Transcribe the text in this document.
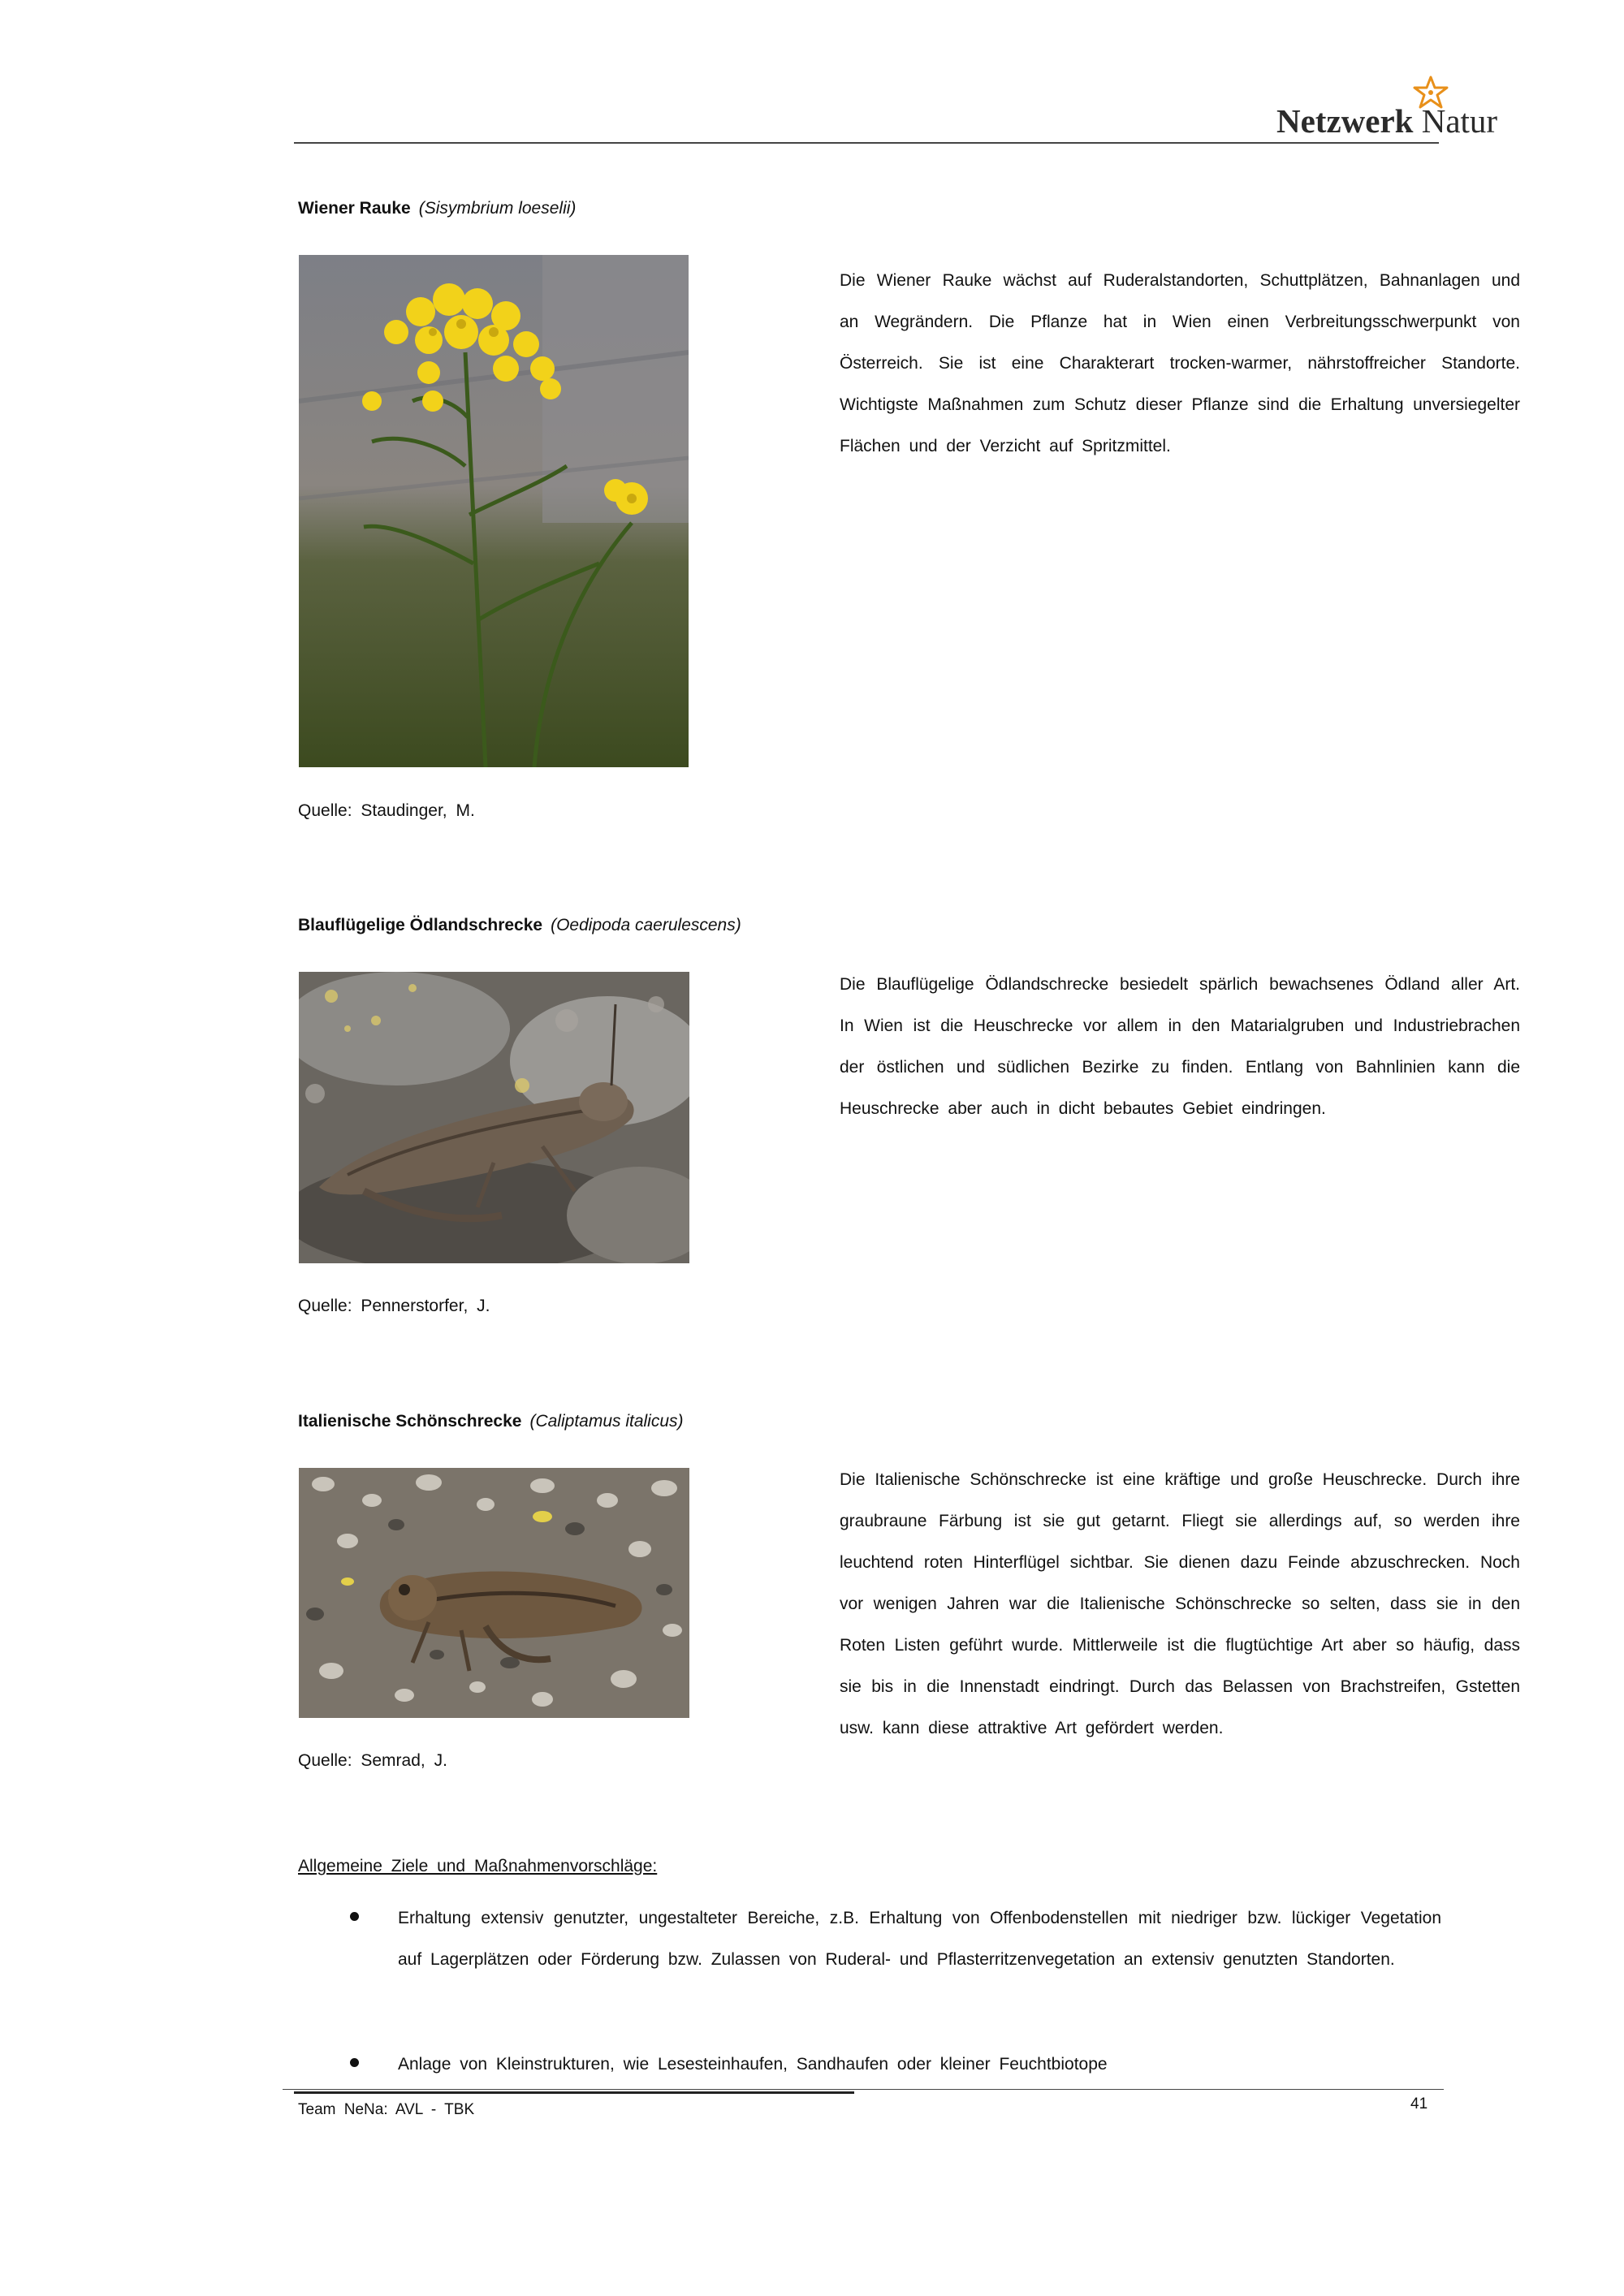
Netzwerk Natur
Wiener Rauke (Sisymbrium loeselii)
Die Wiener Rauke wächst auf Ruderalstandorten, Schuttplätzen, Bahnanlagen und an Wegrändern. Die Pflanze hat in Wien einen Verbreitungsschwerpunkt von Österreich. Sie ist eine Charakterart trocken-warmer, nährstoffreicher Standorte. Wichtigste Maßnahmen zum Schutz dieser Pflanze sind die Erhaltung unversiegelter Flächen und der Verzicht auf Spritzmittel.
Quelle: Staudinger, M.
Blauflügelige Ödlandschrecke (Oedipoda caerulescens)
Die Blauflügelige Ödlandschrecke besiedelt spärlich bewachsenes Ödland aller Art. In Wien ist die Heuschrecke vor allem in den Matarialgruben und Industriebrachen der östlichen und südlichen Bezirke zu finden. Entlang von Bahnlinien kann die Heuschrecke aber auch in dicht bebautes Gebiet eindringen.
Quelle: Pennerstorfer, J.
Italienische Schönschrecke (Caliptamus italicus)
Die Italienische Schönschrecke ist eine kräftige und große Heuschrecke. Durch ihre graubraune Färbung ist sie gut getarnt. Fliegt sie allerdings auf, so werden ihre leuchtend roten Hinterflügel sichtbar. Sie dienen dazu Feinde abzuschrecken. Noch vor wenigen Jahren war die Italienische Schönschrecke so selten, dass sie in den Roten Listen geführt wurde. Mittlerweile ist die flugtüchtige Art aber so häufig, dass sie bis in die Innenstadt eindringt. Durch das Belassen von Brachstreifen, Gstetten usw. kann diese attraktive Art gefördert werden.
Quelle: Semrad, J.
Allgemeine Ziele und Maßnahmenvorschläge:
Erhaltung extensiv genutzter, ungestalteter Bereiche, z.B. Erhaltung von Offenbodenstellen mit niedriger bzw. lückiger Vegetation auf Lagerplätzen oder Förderung bzw. Zulassen von Ruderal- und Pflasterritzenvegetation an extensiv genutzten Standorten.
Anlage von Kleinstrukturen, wie Lesesteinhaufen, Sandhaufen oder kleiner Feuchtbiotope
Team NeNa: AVL - TBK	41
